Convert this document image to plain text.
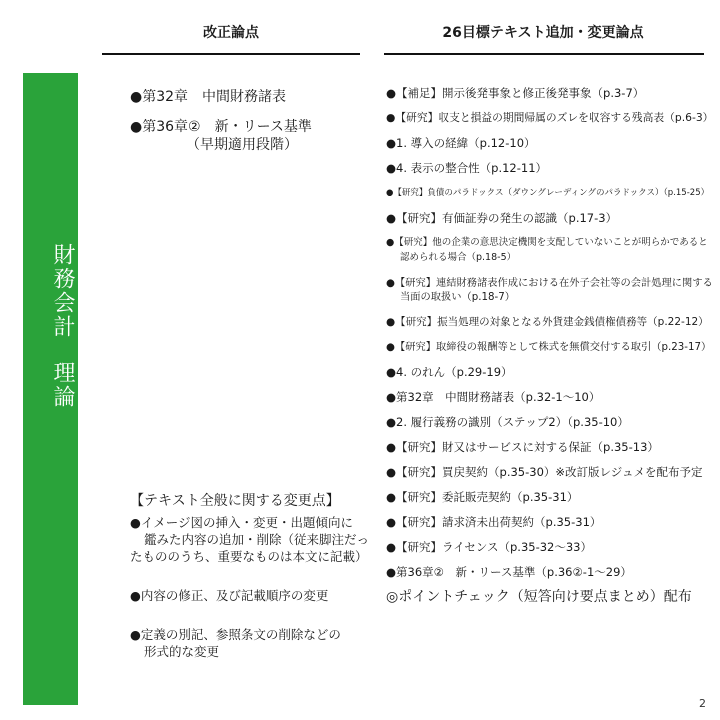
改正論点	26目標テキスト追加・変更論点
財務会計
理論
●第32章　中間財務諸表
●第36章②　新・リース基準
（早期適用段階）
【テキスト全般に関する変更点】
●イメージ図の挿入・変更・出題傾向に
鑑みた内容の追加・削除（従来脚注だっ
たもののうち、重要なものは本文に記載）
●内容の修正、及び記載順序の変更
●定義の別記、参照条文の削除などの
形式的な変更
●【補足】開示後発事象と修正後発事象（p.3-7）
●【研究】収支と損益の期間帰属のズレを収容する残高表（p.6-3）
●1. 導入の経緯（p.12-10）
●4. 表示の整合性（p.12-11）
●【研究】負債のパラドックス（ダウングレーディングのパラドックス）（p.15-25）
●【研究】有価証券の発生の認識（p.17-3）
●【研究】他の企業の意思決定機関を支配していないことが明らかであると
認められる場合（p.18-5）
●【研究】連結財務諸表作成における在外子会社等の会計処理に関する
当面の取扱い（p.18-7）
●【研究】振当処理の対象となる外貨建金銭債権債務等（p.22-12）
●【研究】取締役の報酬等として株式を無償交付する取引（p.23-17）
●4. のれん（p.29-19）
●第32章　中間財務諸表（p.32-1～10）
●2. 履行義務の識別（ステップ2）（p.35-10）
●【研究】財又はサービスに対する保証（p.35-13）
●【研究】買戻契約（p.35-30）※改訂版レジュメを配布予定
●【研究】委託販売契約（p.35-31）
●【研究】請求済未出荷契約（p.35-31）
●【研究】ライセンス（p.35-32～33）
●第36章②　新・リース基準（p.36②-1～29）
◎ポイントチェック（短答向け要点まとめ）配布
2
